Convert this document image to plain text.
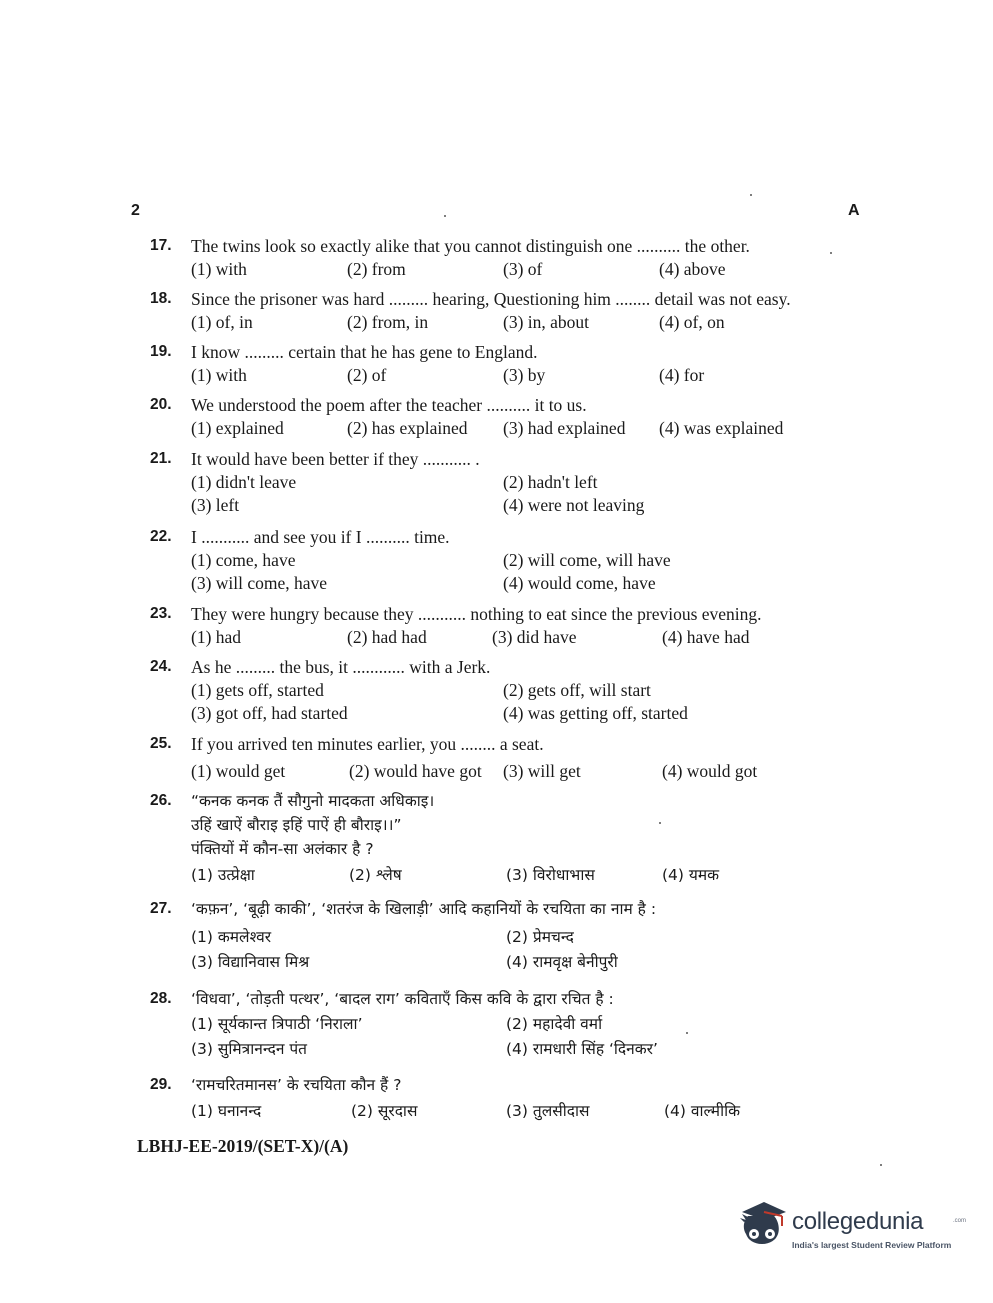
2	A
17. The twins look so exactly alike that you cannot distinguish one .......... the other.
(1) with	(2) from	(3) of	(4) above
18. Since the prisoner was hard ......... hearing, Questioning him ........ detail was not easy.
(1) of, in	(2) from, in	(3) in, about	(4) of, on
19. I know ......... certain that he has gene to England.
(1) with	(2) of	(3) by	(4) for
20. We understood the poem after the teacher .......... it to us.
(1) explained	(2) has explained (3) had explained (4) was explained
21. It would have been better if they ........... .
(1) didn't leave	(2) hadn't left
(3) left	(4) were not leaving
22. I ........... and see you if I .......... time.
(1) come, have	(2) will come, will have
(3) will come, have	(4) would come, have
23. They were hungry because they ........... nothing to eat since the previous evening.
(1) had	(2) had had	(3) did have	(4) have had
24. As he ......... the bus, it ............ with a Jerk.
(1) gets off, started	(2) gets off, will start
(3) got off, had started	(4) was getting off, started
25. If you arrived ten minutes earlier, you ........ a seat.
(1) would get	(2) would have got (3) will get	(4) would got
26. “कनक कनक तैं सौगुनो मादकता अधिकाइ।
उहिं खाऐं बौराइ इहिं पाऐं ही बौराइ।।”
पंक्तियों में कौन-सा अलंकार है ?
(1) उत्प्रेक्षा	(2) श्लेष	(3) विरोधाभास	(4) यमक
27. ‘कफ़न’, ‘बूढ़ी काकी’, ‘शतरंज के खिलाड़ी’ आदि कहानियों के रचयिता का नाम है :
(1) कमलेश्वर	(2) प्रेमचन्द
(3) विद्यानिवास मिश्र	(4) रामवृक्ष बेनीपुरी
28. ‘विधवा’, ‘तोड़ती पत्थर’, ‘बादल राग’ कविताएँ किस कवि के द्वारा रचित है :
(1) सूर्यकान्त त्रिपाठी ‘निराला’	(2) महादेवी वर्मा
(3) सुमित्रानन्दन पंत	(4) रामधारी सिंह ‘दिनकर’
29. ‘रामचरितमानस’ के रचयिता कौन हैं ?
(1) घनानन्द	(2) सूरदास	(3) तुलसीदास	(4) वाल्मीकि
LBHJ-EE-2019/(SET-X)/(A)
collegedunia	.com
India's largest Student Review Platform
